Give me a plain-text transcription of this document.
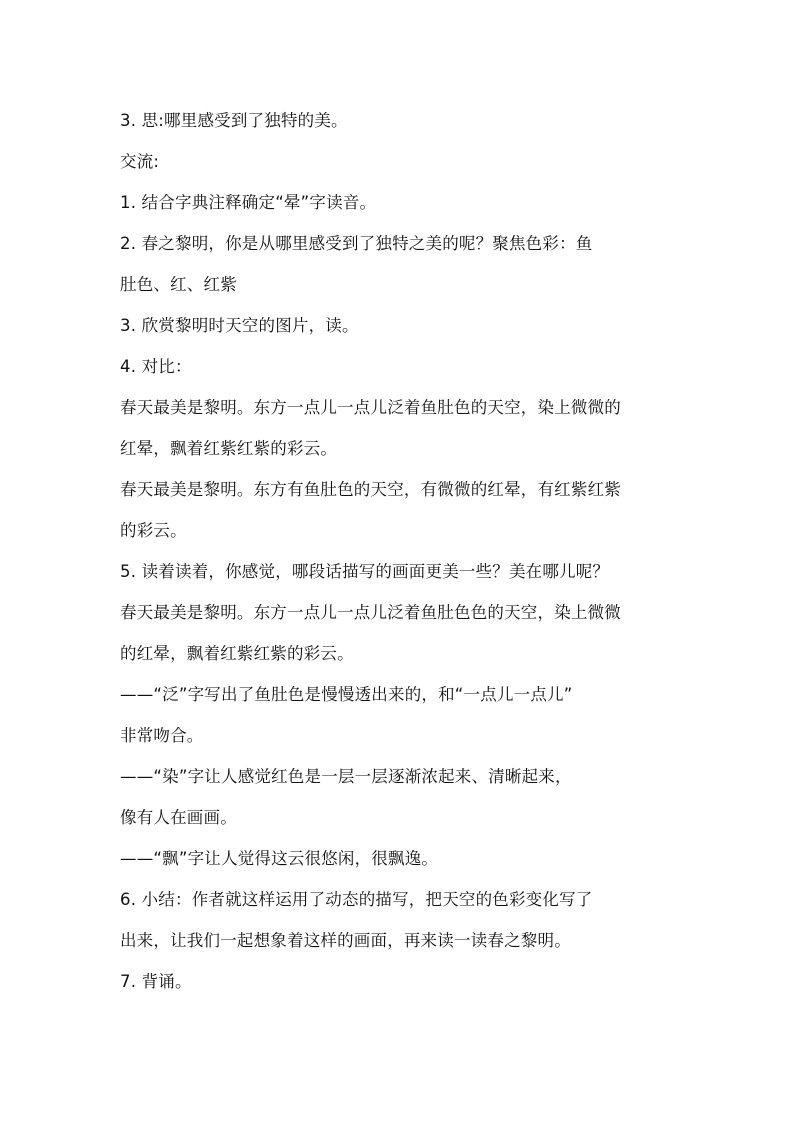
3. 思:哪里感受到了独特的美。
交流:
1. 结合字典注释确定“晕”字读音。
2. 春之黎明，你是从哪里感受到了独特之美的呢？聚焦色彩：鱼
肚色、红、红紫
3. 欣赏黎明时天空的图片，读。
4. 对比：
春天最美是黎明。东方一点儿一点儿泛着鱼肚色的天空，染上微微的
红晕，飘着红紫红紫的彩云。
春天最美是黎明。东方有鱼肚色的天空，有微微的红晕，有红紫红紫
的彩云。
5. 读着读着，你感觉，哪段话描写的画面更美一些？美在哪儿呢？
春天最美是黎明。东方一点儿一点儿泛着鱼肚色色的天空，染上微微
的红晕，飘着红紫红紫的彩云。
——“泛”字写出了鱼肚色是慢慢透出来的，和“一点儿一点儿”
非常吻合。
——“染”字让人感觉红色是一层一层逐渐浓起来、清晰起来，
像有人在画画。
——“飘”字让人觉得这云很悠闲，很飘逸。
6. 小结：作者就这样运用了动态的描写，把天空的色彩变化写了
出来，让我们一起想象着这样的画面，再来读一读春之黎明。
7. 背诵。
